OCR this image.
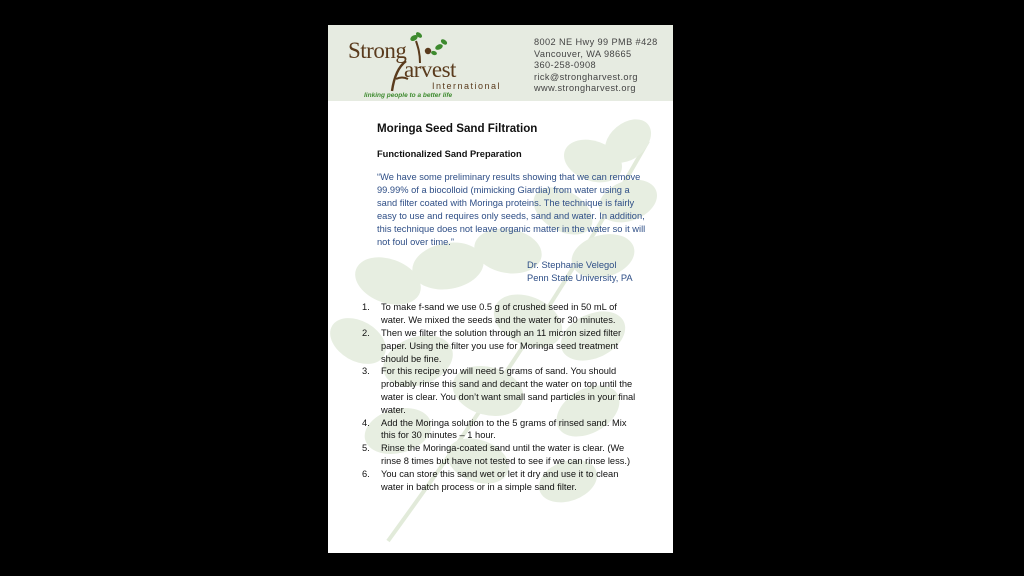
Strong
arvest
International
linking people to a better life
8002 NE Hwy 99 PMB #428
Vancouver, WA 98665
360-258-0908
rick@strongharvest.org
www.strongharvest.org
Moringa Seed Sand Filtration
Functionalized Sand Preparation

“We have some preliminary results showing that we can remove 99.99% of a biocolloid (mimicking Giardia) from water using a sand filter coated with Moringa proteins. The technique is fairly easy to use and requires only seeds, sand and water. In addition, this technique does not leave organic matter in the water so it will not foul over time.”

Dr. Stephanie Velegol
Penn State University, PA
1. To make f-sand we use 0.5 g of crushed seed in 50 mL of water. We mixed the seeds and the water for 30 minutes.
2. Then we filter the solution through an 11 micron sized filter paper. Using the filter you use for Moringa seed treatment should be fine.
3. For this recipe you will need 5 grams of sand. You should probably rinse this sand and decant the water on top until the water is clear. You don’t want small sand particles in your final water.
4. Add the Moringa solution to the 5 grams of rinsed sand. Mix this for 30 minutes – 1 hour.
5. Rinse the Moringa-coated sand until the water is clear. (We rinse 8 times but have not tested to see if we can rinse less.)
6. You can store this sand wet or let it dry and use it to clean water in batch process or in a simple sand filter.
